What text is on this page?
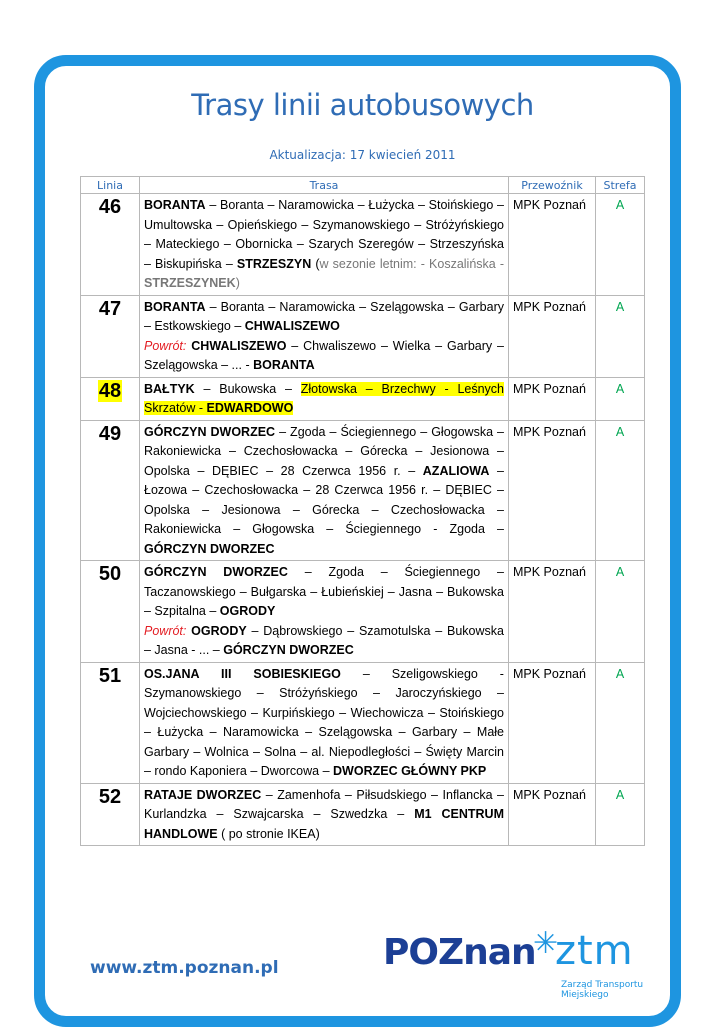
Trasy linii autobusowych
Aktualizacja: 17 kwiecień 2011
Linia	Trasa	Przewoźnik	Strefa
46	BORANTA – Boranta – Naramowicka – Łużycka – Stoińskiego – Umultowska – Opieńskiego – Szymanowskiego – Stróżyńskiego – Mateckiego – Obornicka – Szarych Szeregów – Strzeszyńska – Biskupińska – STRZESZYN (w sezonie letnim: - Koszalińska - STRZESZYNEK)	MPK Poznań	A
47	BORANTA – Boranta – Naramowicka – Szelągowska – Garbary – Estkowskiego – CHWALISZEWO
Powrót: CHWALISZEWO – Chwaliszewo – Wielka – Garbary – Szelągowska – ... - BORANTA	MPK Poznań	A
48	BAŁTYK – Bukowska – Złotowska – Brzechwy - Leśnych Skrzatów - EDWARDOWO	MPK Poznań	A
49	GÓRCZYN DWORZEC – Zgoda – Ściegiennego – Głogowska – Rakoniewicka – Czechosłowacka – Górecka – Jesionowa – Opolska – DĘBIEC – 28 Czerwca 1956 r. – AZALIOWA – Łozowa – Czechosłowacka – 28 Czerwca 1956 r. – DĘBIEC – Opolska – Jesionowa – Górecka – Czechosłowacka – Rakoniewicka – Głogowska – Ściegiennego - Zgoda – GÓRCZYN DWORZEC	MPK Poznań	A
50	GÓRCZYN DWORZEC – Zgoda – Ściegiennego – Taczanowskiego – Bułgarska – Łubieńskiej – Jasna – Bukowska – Szpitalna – OGRODY
Powrót: OGRODY – Dąbrowskiego – Szamotulska – Bukowska – Jasna - ... – GÓRCZYN DWORZEC	MPK Poznań	A
51	OS.JANA III SOBIESKIEGO – Szeligowskiego - Szymanowskiego – Stróżyńskiego – Jaroczyńskiego – Wojciechowskiego – Kurpińskiego – Wiechowicza – Stoińskiego – Łużycka – Naramowicka – Szelągowska – Garbary – Małe Garbary – Wolnica – Solna – al. Niepodległości – Święty Marcin – rondo Kaponiera – Dworcowa – DWORZEC GŁÓWNY PKP	MPK Poznań	A
52	RATAJE DWORZEC – Zamenhofa – Piłsudskiego – Inflancka – Kurlandzka – Szwajcarska – Szwedzka – M1 CENTRUM HANDLOWE ( po stronie IKEA)	MPK Poznań	A
www.ztm.poznan.pl	POZnan
✳
ztm
Zarząd Transportu Miejskiego
